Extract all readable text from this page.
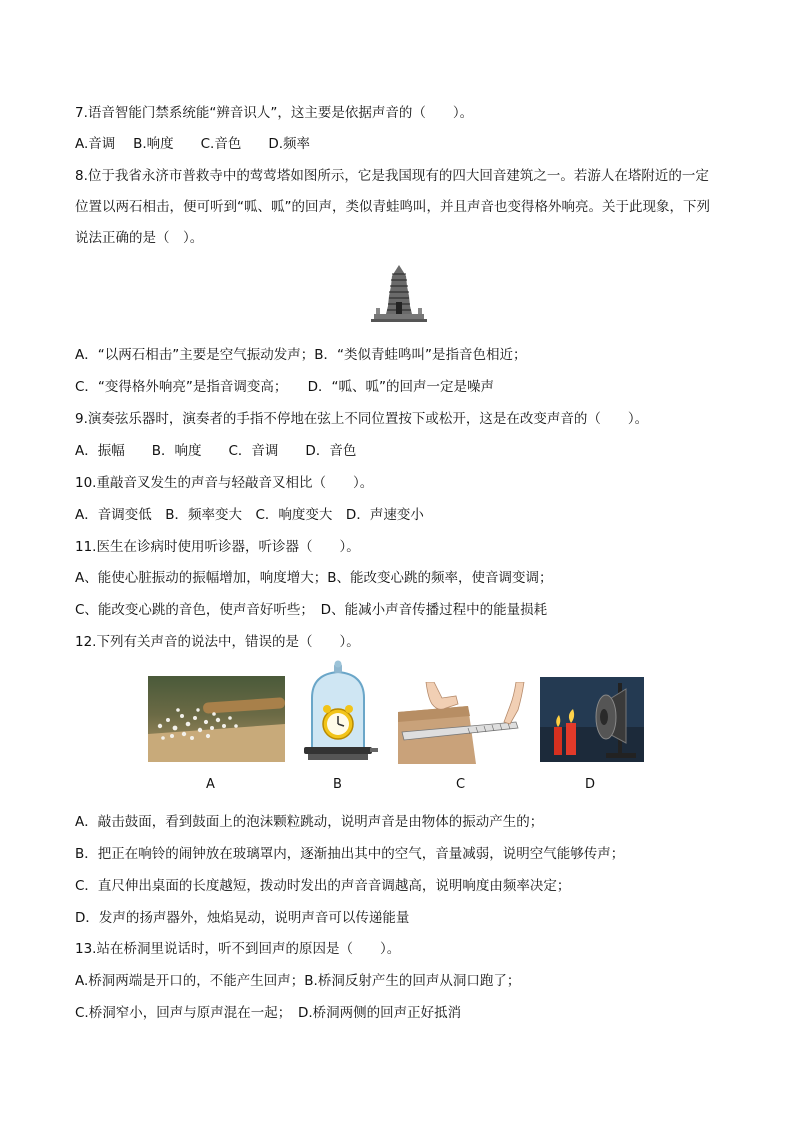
7.语音智能门禁系统能“辨音识人”，这主要是依据声音的（　　）。
A.音调　 B.响度　　C.音色　　D.频率
8.位于我省永济市普救寺中的莺莺塔如图所示，它是我国现有的四大回音建筑之一。若游人在塔附近的一定
位置以两石相击，便可听到“呱、呱”的回声，类似青蛙鸣叫，并且声音也变得格外响亮。关于此现象，下列
说法正确的是（　）。
A．“以两石相击”主要是空气振动发声；B．“类似青蛙鸣叫”是指音色相近；
C．“变得格外响亮”是指音调变高；　　D．“呱、呱”的回声一定是噪声
9.演奏弦乐器时，演奏者的手指不停地在弦上不同位置按下或松开，这是在改变声音的（　　）。
A．振幅　　B．响度　　C．音调　　D．音色
10.重敲音叉发生的声音与轻敲音叉相比（　　）。
A．音调变低　B．频率变大　C．响度变大　D．声速变小
11.医生在诊病时使用听诊器，听诊器（　　）。
A、能使心脏振动的振幅增加，响度增大；B、能改变心跳的频率，使音调变调；
C、能改变心跳的音色，使声音好听些；　D、能减小声音传播过程中的能量损耗
12.下列有关声音的说法中，错误的是（　　）。
A	B	C	D
A．敲击鼓面，看到鼓面上的泡沫颗粒跳动，说明声音是由物体的振动产生的；
B．把正在响铃的闹钟放在玻璃罩内，逐渐抽出其中的空气，音量减弱，说明空气能够传声；
C．直尺伸出桌面的长度越短，拨动时发出的声音音调越高，说明响度由频率决定；
D．发声的扬声器外，烛焰晃动，说明声音可以传递能量
13.站在桥洞里说话时，听不到回声的原因是（　　）。
A.桥洞两端是开口的，不能产生回声；B.桥洞反射产生的回声从洞口跑了；
C.桥洞窄小，回声与原声混在一起；　D.桥洞两侧的回声正好抵消
